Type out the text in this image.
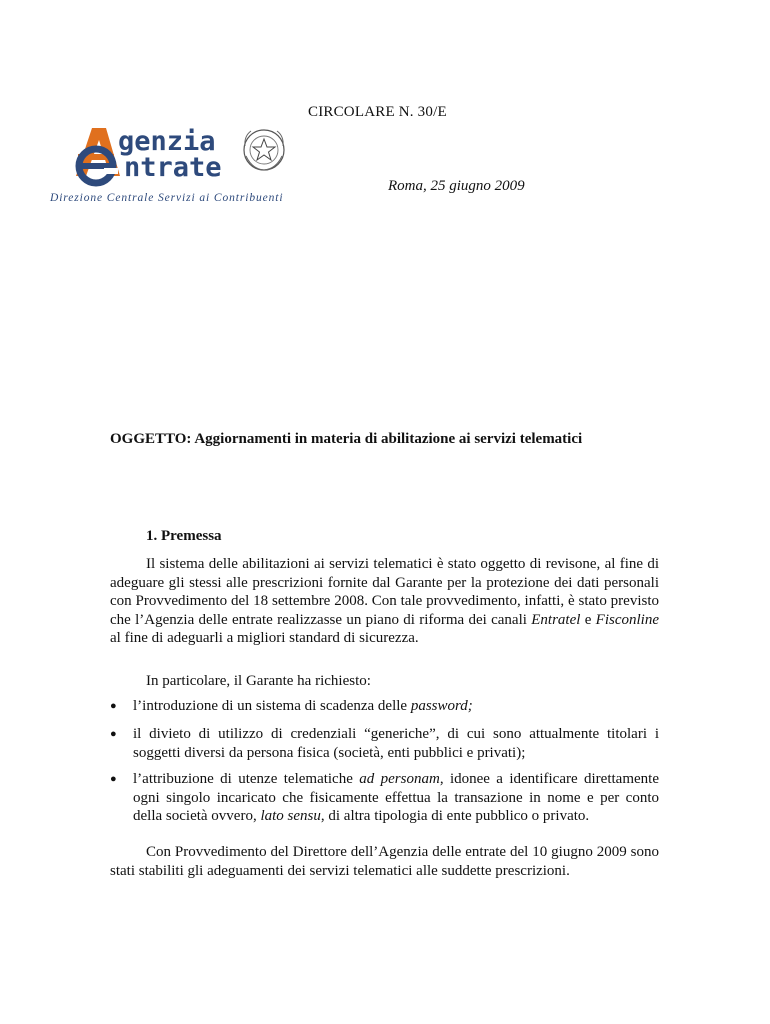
CIRCOLARE N. 30/E
genzia
ntrate
Direzione Centrale Servizi ai Contribuenti
Roma, 25 giugno 2009
OGGETTO: Aggiornamenti in materia di abilitazione ai servizi telematici
1. Premessa

Il sistema delle abilitazioni ai servizi telematici è stato oggetto di revisone, al fine di adeguare gli stessi alle prescrizioni fornite dal Garante per la protezione dei dati personali con Provvedimento del 18 settembre 2008. Con tale provvedimento, infatti, è stato previsto che l’Agenzia delle entrate realizzasse un piano di riforma dei canali Entratel e Fisconline al fine di adeguarli a migliori standard di sicurezza.

In particolare, il Garante ha richiesto:

●	l’introduzione di un sistema di scadenza delle password;
●	il divieto di utilizzo di credenziali “generiche”, di cui sono attualmente titolari i soggetti diversi da persona fisica (società, enti pubblici e privati);
●	l’attribuzione di utenze telematiche ad personam, idonee a identificare direttamente ogni singolo incaricato che fisicamente effettua la transazione in nome e per conto della società ovvero, lato sensu, di altra tipologia di ente pubblico o privato.

Con Provvedimento del Direttore dell’Agenzia delle entrate del 10 giugno 2009 sono stati stabiliti gli adeguamenti dei servizi telematici alle suddette prescrizioni.
